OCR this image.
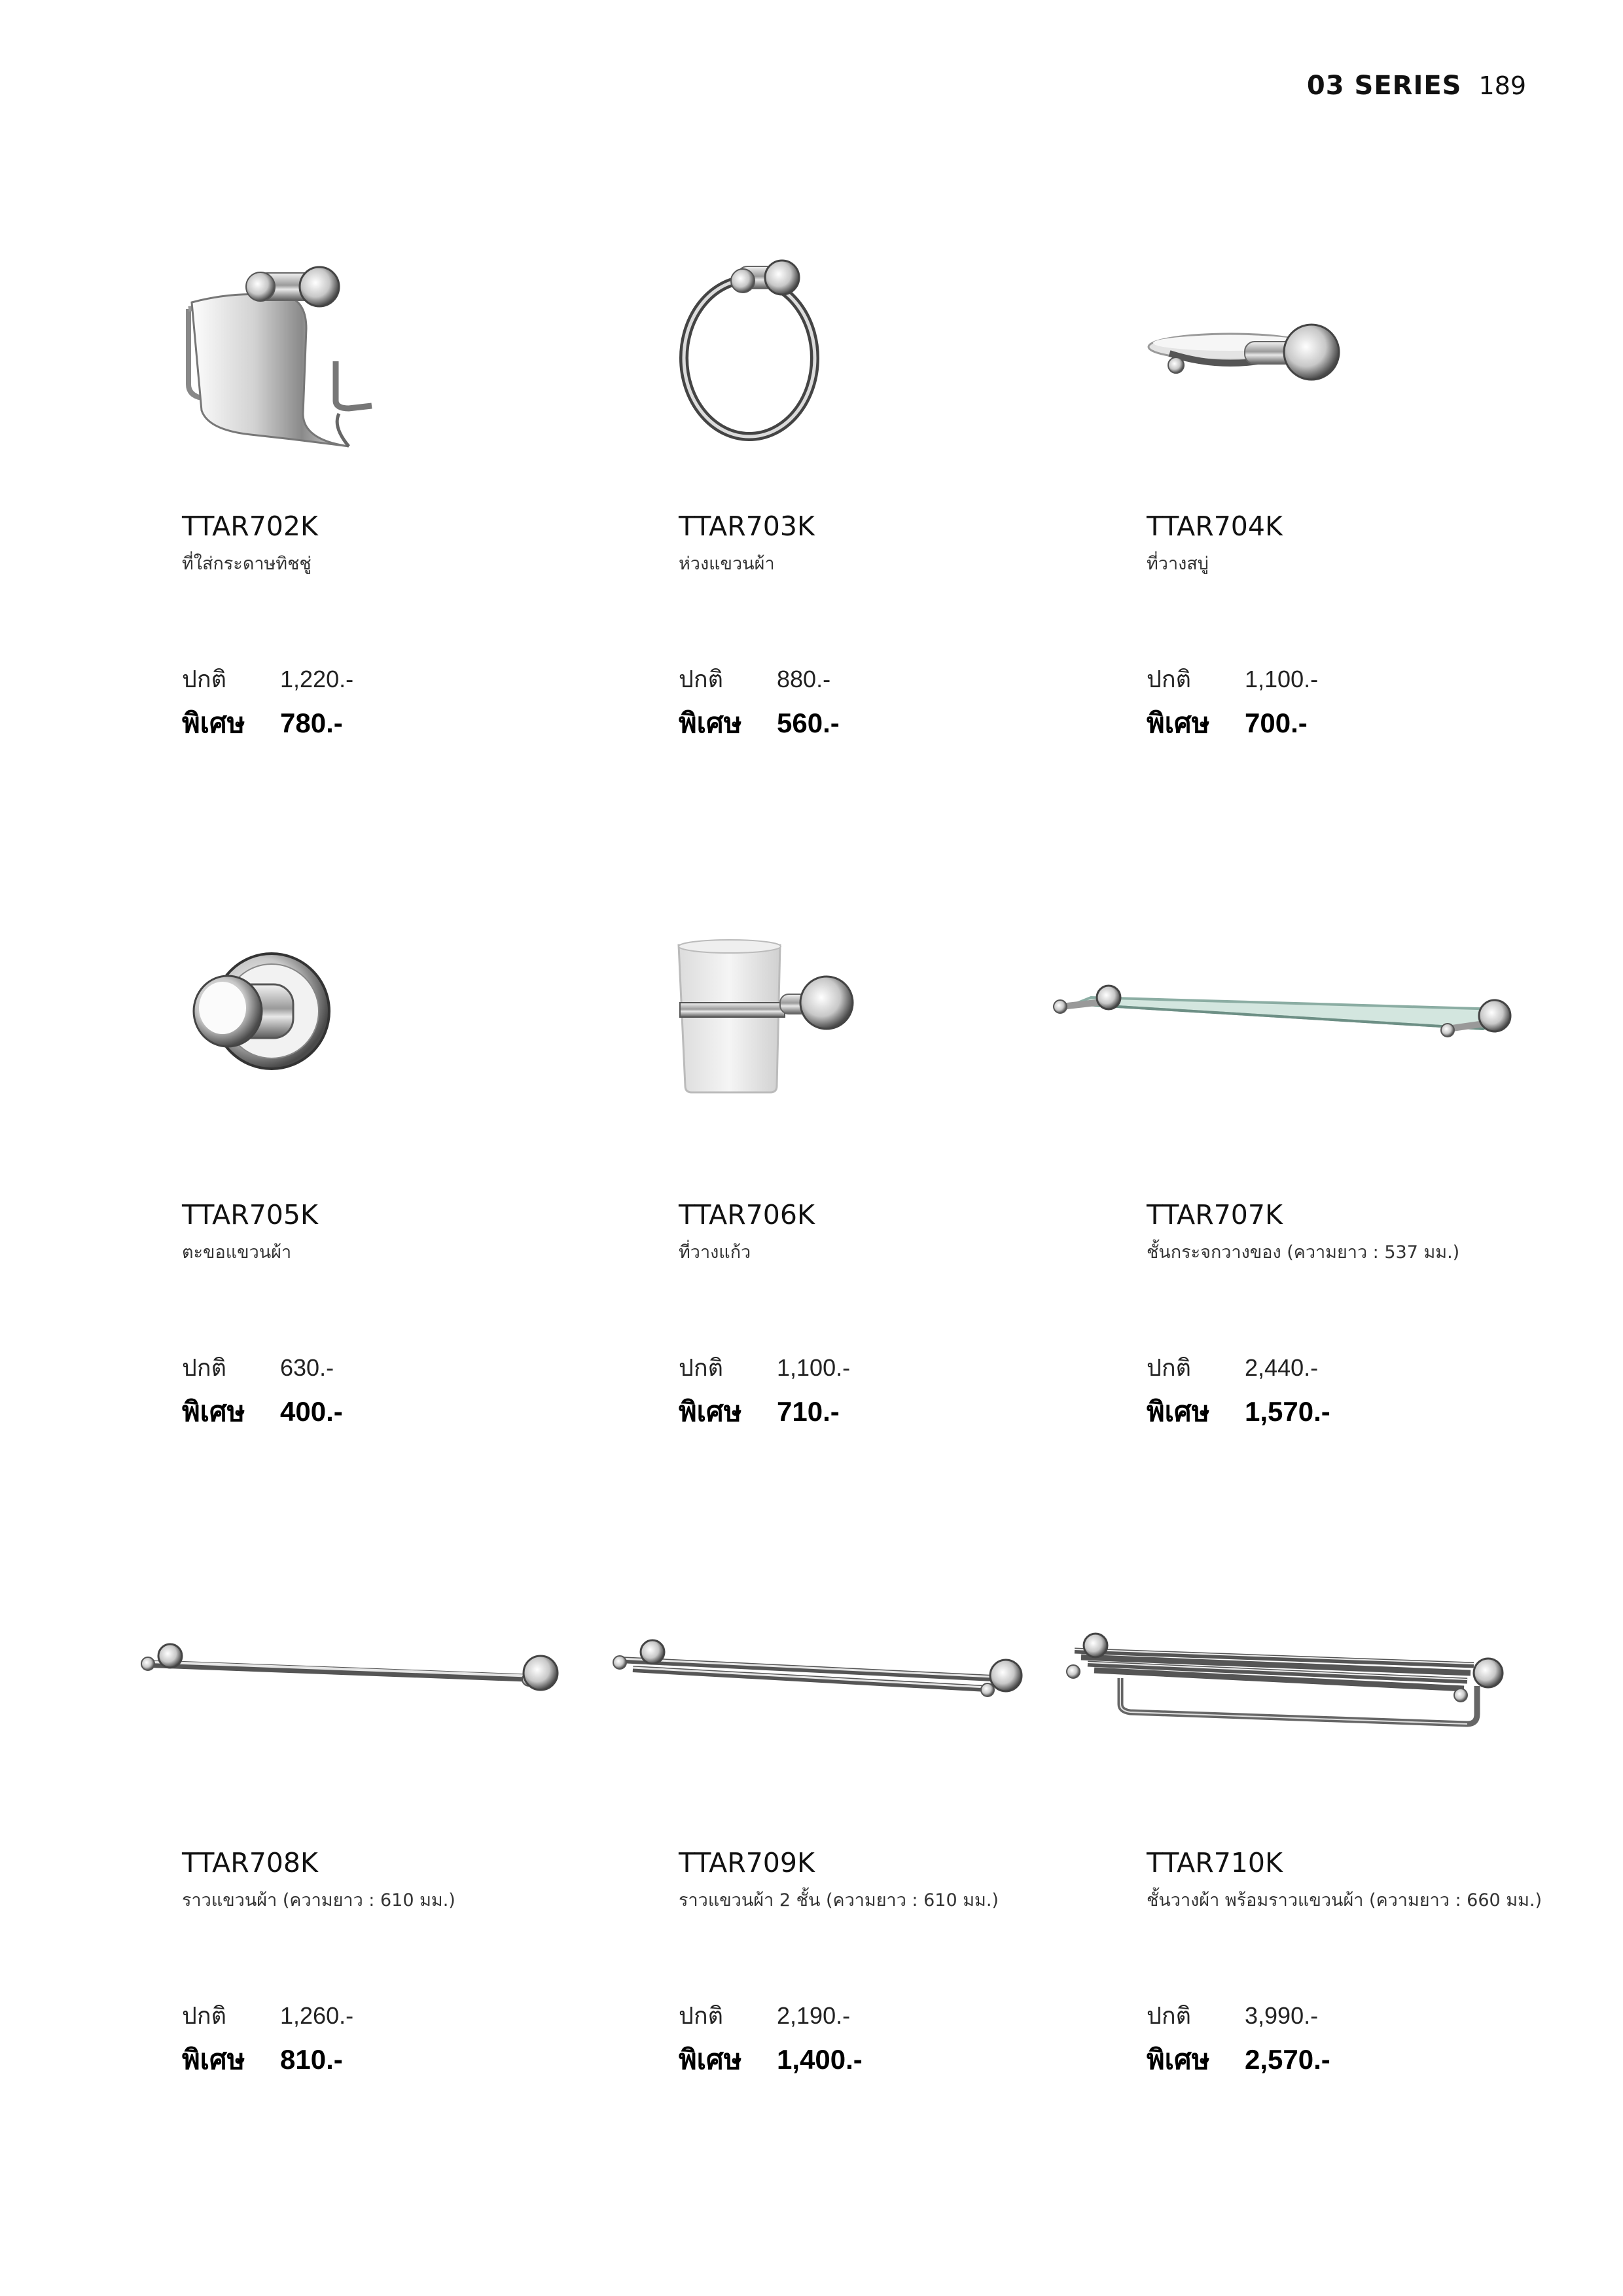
03 SERIES 189
TTAR702K
ที่ใส่กระดาษทิชชู่
ปกติ	1,220.-
พิเศษ	780.-
TTAR703K
ห่วงแขวนผ้า
ปกติ	880.-
พิเศษ	560.-
TTAR704K
ที่วางสบู่
ปกติ	1,100.-
พิเศษ	700.-
TTAR705K
ตะขอแขวนผ้า
ปกติ	630.-
พิเศษ	400.-
TTAR706K
ที่วางแก้ว
ปกติ	1,100.-
พิเศษ	710.-
TTAR707K
ชั้นกระจกวางของ (ความยาว : 537 มม.)
ปกติ	2,440.-
พิเศษ	1,570.-
TTAR708K
ราวแขวนผ้า (ความยาว : 610 มม.)
ปกติ	1,260.-
พิเศษ	810.-
TTAR709K
ราวแขวนผ้า 2 ชั้น (ความยาว : 610 มม.)
ปกติ	2,190.-
พิเศษ	1,400.-
TTAR710K
ชั้นวางผ้า พร้อมราวแขวนผ้า (ความยาว : 660 มม.)
ปกติ	3,990.-
พิเศษ	2,570.-
